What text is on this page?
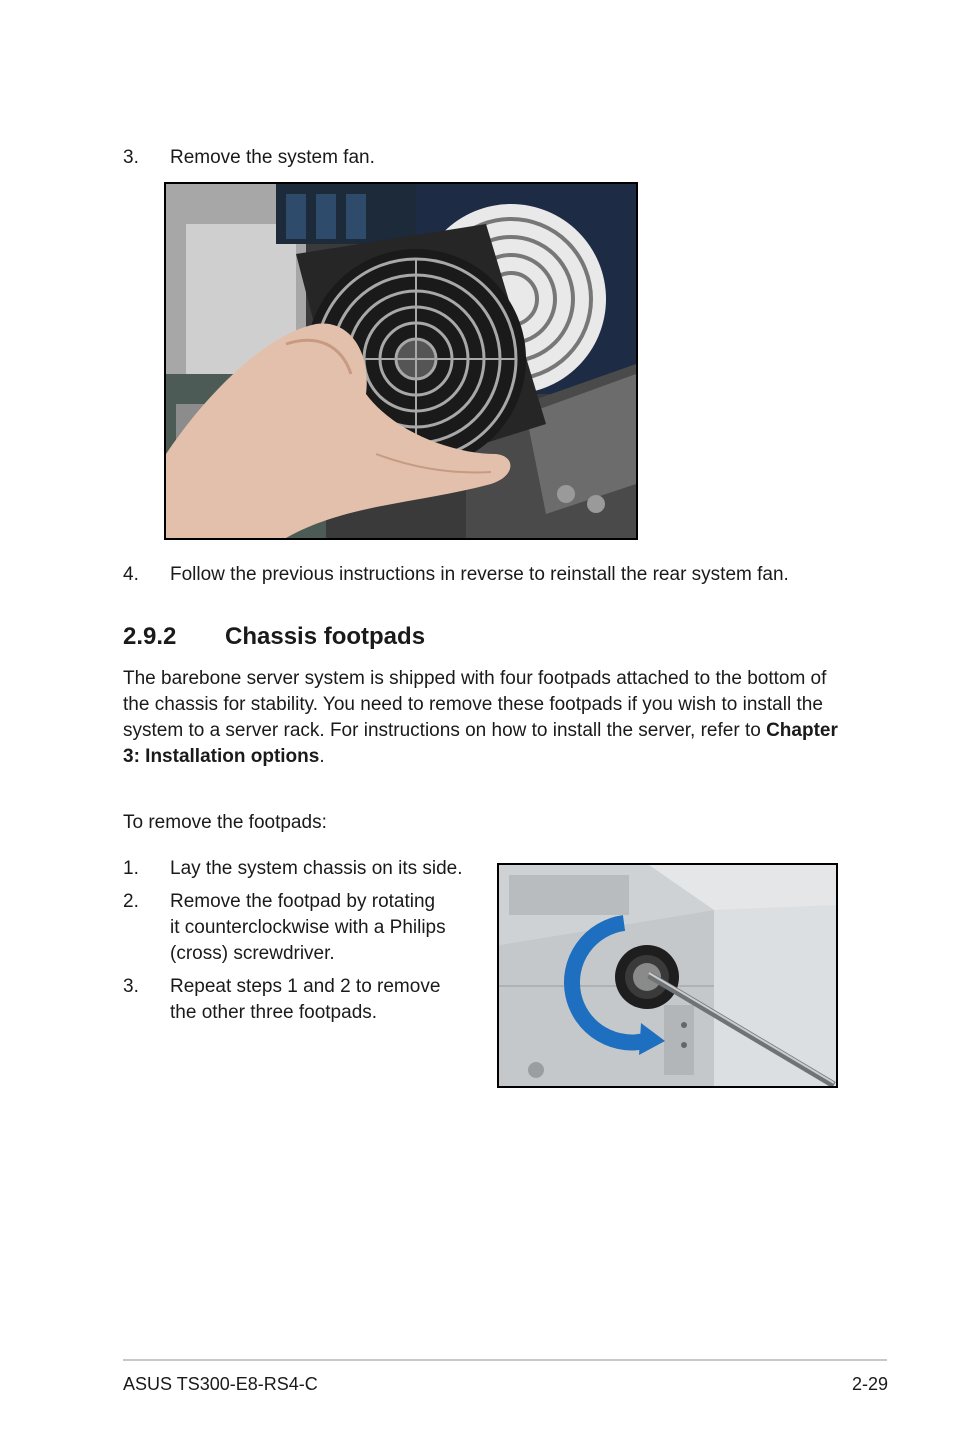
3. Remove the system fan.
4. Follow the previous instructions in reverse to reinstall the rear system fan.
2.9.2 Chassis footpads
The barebone server system is shipped with four footpads attached to the bottom of the chassis for stability. You need to remove these footpads if you wish to install the system to a server rack. For instructions on how to install the server, refer to Chapter 3: Installation options.
To remove the footpads:
1. Lay the system chassis on its side.
2. Remove the footpad by rotating
it counterclockwise with a Philips
(cross) screwdriver.
3. Repeat steps 1 and 2 to remove
the other three footpads.
ASUS TS300-E8-RS4-C	2-29
